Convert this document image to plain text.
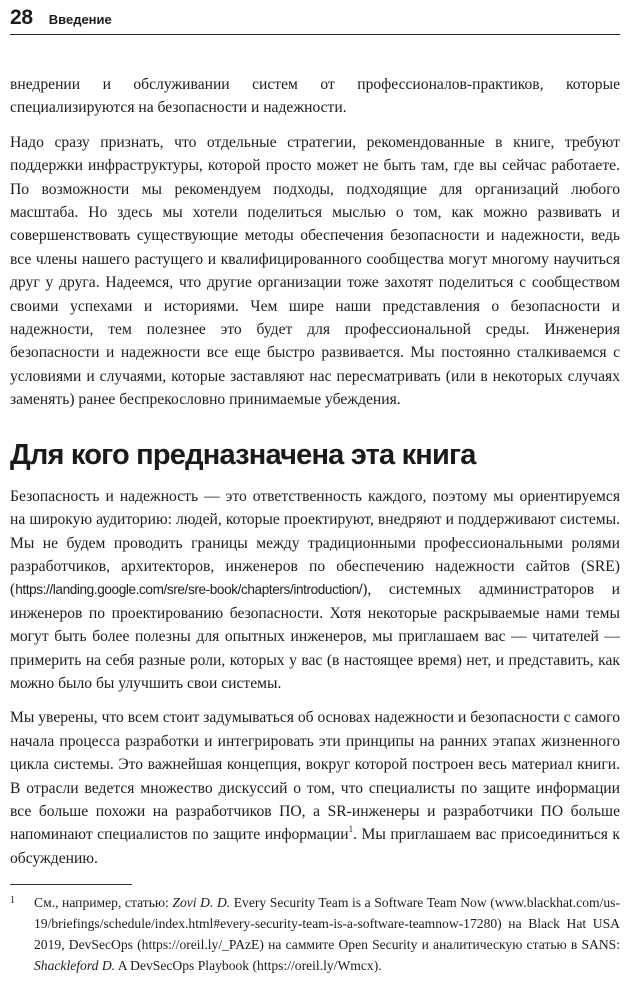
28 Введение

внедрении и обслуживании систем от профессионалов-практиков, которые специализируются на безопасности и надежности.

Надо сразу признать, что отдельные стратегии, рекомендованные в книге, требуют поддержки инфраструктуры, которой просто может не быть там, где вы сейчас работаете. По возможности мы рекомендуем подходы, подходящие для организаций любого масштаба. Но здесь мы хотели поделиться мыслью о том, как можно развивать и совершенствовать существующие методы обеспечения безопасности и надежности, ведь все члены нашего растущего и квалифицированного сообщества могут многому научиться друг у друга. Надеемся, что другие организации тоже захотят поделиться с сообществом своими успехами и историями. Чем шире наши представления о безопасности и надежности, тем полезнее это будет для профессиональной среды. Инженерия безопасности и надежности все еще быстро развивается. Мы постоянно сталкиваемся с условиями и случаями, которые заставляют нас пересматривать (или в некоторых случаях заменять) ранее беспрекословно принимаемые убеждения.

Для кого предназначена эта книга

Безопасность и надежность — это ответственность каждого, поэтому мы ориентируемся на широкую аудиторию: людей, которые проектируют, внедряют и поддерживают системы. Мы не будем проводить границы между традиционными профессиональными ролями разработчиков, архитекторов, инженеров по обеспечению надежности сайтов (SRE) (https://landing.google.com/sre/sre-book/chapters/introduction/), системных администраторов и инженеров по проектированию безопасности. Хотя некоторые раскрываемые нами темы могут быть более полезны для опытных инженеров, мы приглашаем вас — читателей — примерить на себя разные роли, которых у вас (в настоящее время) нет, и представить, как можно было бы улучшить свои системы.

Мы уверены, что всем стоит задумываться об основах надежности и безопасности с самого начала процесса разработки и интегрировать эти принципы на ранних этапах жизненного цикла системы. Это важнейшая концепция, вокруг которой построен весь материал книги. В отрасли ведется множество дискуссий о том, что специалисты по защите информации все больше похожи на разработчиков ПО, а SR-инженеры и разработчики ПО больше напоминают специалистов по защите информации$^1$. Мы приглашаем вас присоединиться к обсуждению.

1	См., например, статью: Zovi D. D. Every Security Team is a Software Team Now (www.blackhat.com/us-19/briefings/schedule/index.html#every-security-team-is-a-software-teamnow-17280) на Black Hat USA 2019, DevSecOps (https://oreil.ly/_PAzE) на саммите Open Security и аналитическую статью в SANS: Shackleford D. A DevSecOps Playbook (https://oreil.ly/Wmcx).
